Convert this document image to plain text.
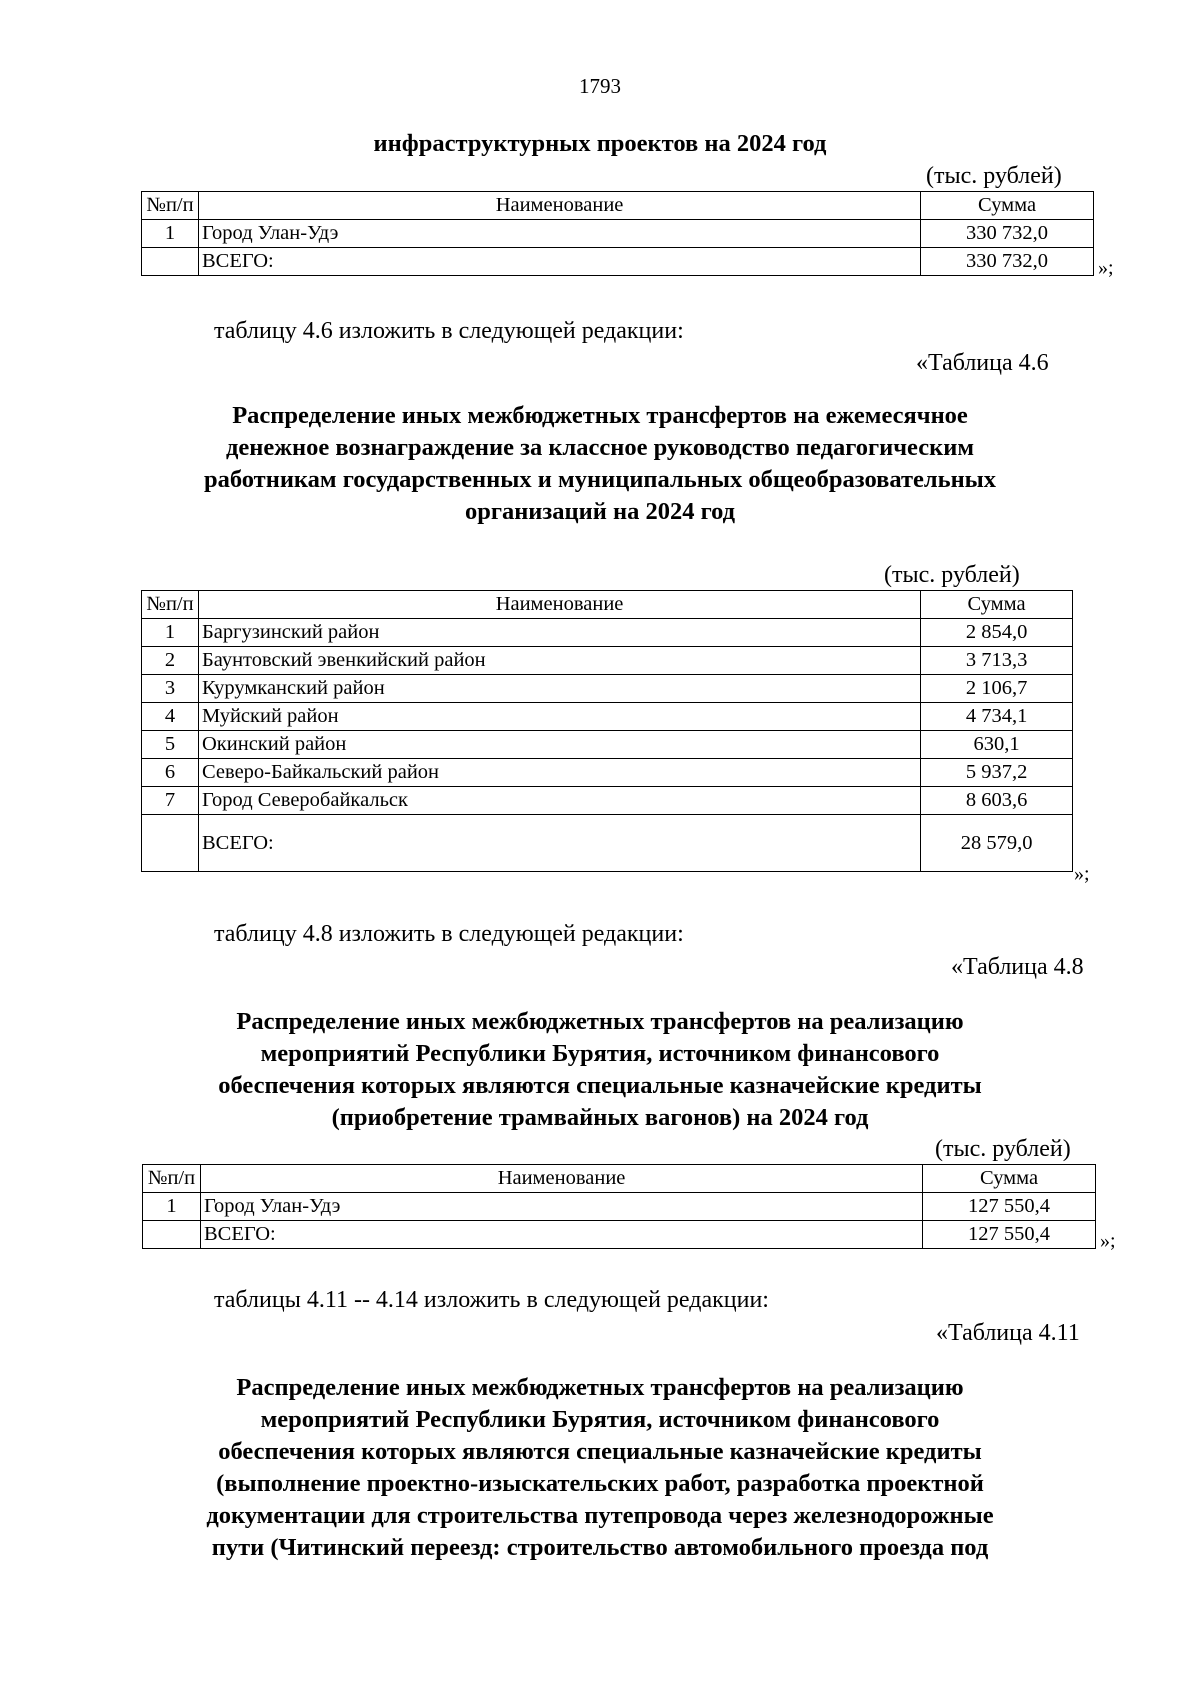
1793
инфраструктурных проектов на 2024 год
(тыс. рублей)
№п/п	Наименование	Сумма
1	Город Улан-Удэ	330 732,0
	ВСЕГО:	330 732,0 »;
таблицу 4.6 изложить в следующей редакции:
«Таблица 4.6
Распределение иных межбюджетных трансфертов на ежемесячное
денежное вознаграждение за классное руководство педагогическим
работникам государственных и муниципальных общеобразовательных
организаций на 2024 год
(тыс. рублей)
№п/п	Наименование	Сумма
1	Баргузинский район	2 854,0
2	Баунтовский эвенкийский район	3 713,3
3	Курумканский район	2 106,7
4	Муйский район	4 734,1
5	Окинский район	630,1
6	Северо-Байкальский район	5 937,2
7	Город Северобайкальск	8 603,6
	ВСЕГО:	28 579,0
»;
таблицу 4.8 изложить в следующей редакции:
«Таблица 4.8
Распределение иных межбюджетных трансфертов на реализацию
мероприятий Республики Бурятия, источником финансового
обеспечения которых являются специальные казначейские кредиты
(приобретение трамвайных вагонов) на 2024 год
(тыс. рублей)
№п/п	Наименование	Сумма
1	Город Улан-Удэ	127 550,4
	ВСЕГО:	127 550,4 »;
таблицы 4.11 -- 4.14 изложить в следующей редакции:
«Таблица 4.11
Распределение иных межбюджетных трансфертов на реализацию
мероприятий Республики Бурятия, источником финансового
обеспечения которых являются специальные казначейские кредиты
(выполнение проектно-изыскательских работ, разработка проектной
документации для строительства путепровода через железнодорожные
пути (Читинский переезд: строительство автомобильного проезда под
